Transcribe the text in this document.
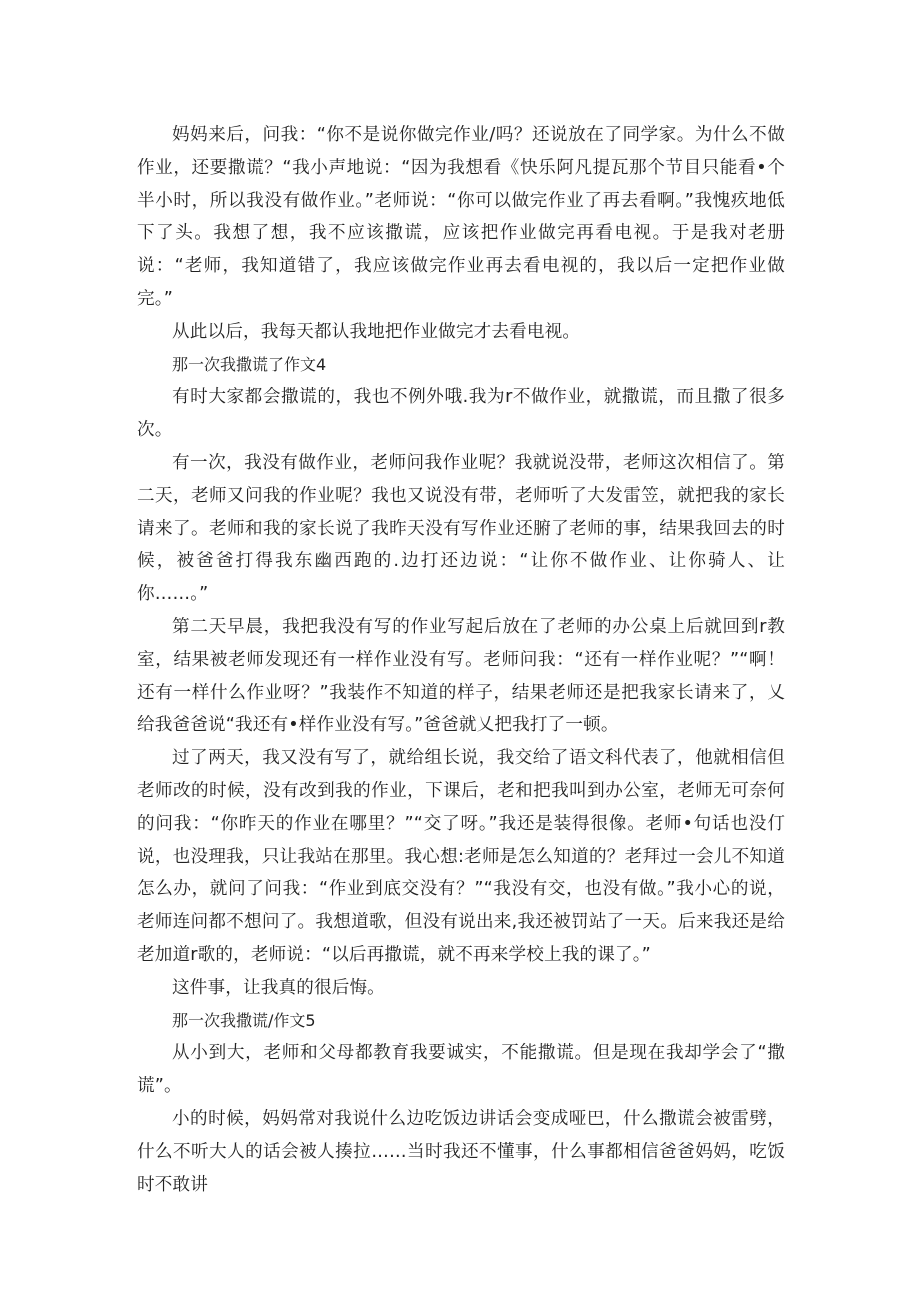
妈妈来后，问我：“你不是说你做完作业/吗？还说放在了同学家。为什么不做作业，还要撒谎？“我小声地说：“因为我想看《快乐阿凡提瓦那个节目只能看•个半小时，所以我没有做作业。”老师说：“你可以做完作业了再去看啊。”我愧疚地低下了头。我想了想，我不应该撒谎，应该把作业做完再看电视。于是我对老册说：“老师，我知道错了，我应该做完作业再去看电视的，我以后一定把作业做完。”

从此以后，我每天都认我地把作业做完才去看电视。

那一次我撒谎了作文4

有时大家都会撒谎的，我也不例外哦.我为r不做作业，就撒谎，而且撒了很多次。

有一次，我没有做作业，老师问我作业呢？我就说没带，老师这次相信了。第二天，老师又问我的作业呢？我也又说没有带，老师听了大发雷笠，就把我的家长请来了。老师和我的家长说了我昨天没有写作业还腑了老师的事，结果我回去的时候，被爸爸打得我东幽西跑的.边打还边说：“让你不做作业、让你骑人、让你……。”

第二天早晨，我把我没有写的作业写起后放在了老师的办公桌上后就回到r教室，结果被老师发现还有一样作业没有写。老师问我：“还有一样作业呢？”“啊！还有一样什么作业呀？”我装作不知道的样子，结果老师还是把我家长请来了，乂给我爸爸说“我还有•样作业没有写。”爸爸就乂把我打了一顿。

过了两天，我又没有写了，就给组长说，我交给了语文科代表了，他就相信但老师改的时候，没有改到我的作业，下课后，老和把我叫到办公室，老师无可奈何的问我：“你昨天的作业在哪里？”“交了呀。”我还是装得很像。老师•句话也没仃说，也没理我，只让我站在那里。我心想:老师是怎么知道的？老拜过一会儿不知道怎么办，就问了问我：“作业到底交没有？”“我没有交，也没有做。”我小心的说，老师连问都不想问了。我想道歌，但没有说出来,我还被罚站了一天。后来我还是给老加道r歌的，老师说：“以后再撒谎，就不再来学校上我的课了。”

这件事，让我真的很后悔。

那一次我撒谎/作文5

从小到大，老师和父母都教育我要诚实，不能撒谎。但是现在我却学会了“撒谎”。

小的时候，妈妈常对我说什么边吃饭边讲话会变成哑巴，什么撒谎会被雷劈，什么不听大人的话会被人揍拉……当时我还不懂事，什么事都相信爸爸妈妈，吃饭时不敢讲
